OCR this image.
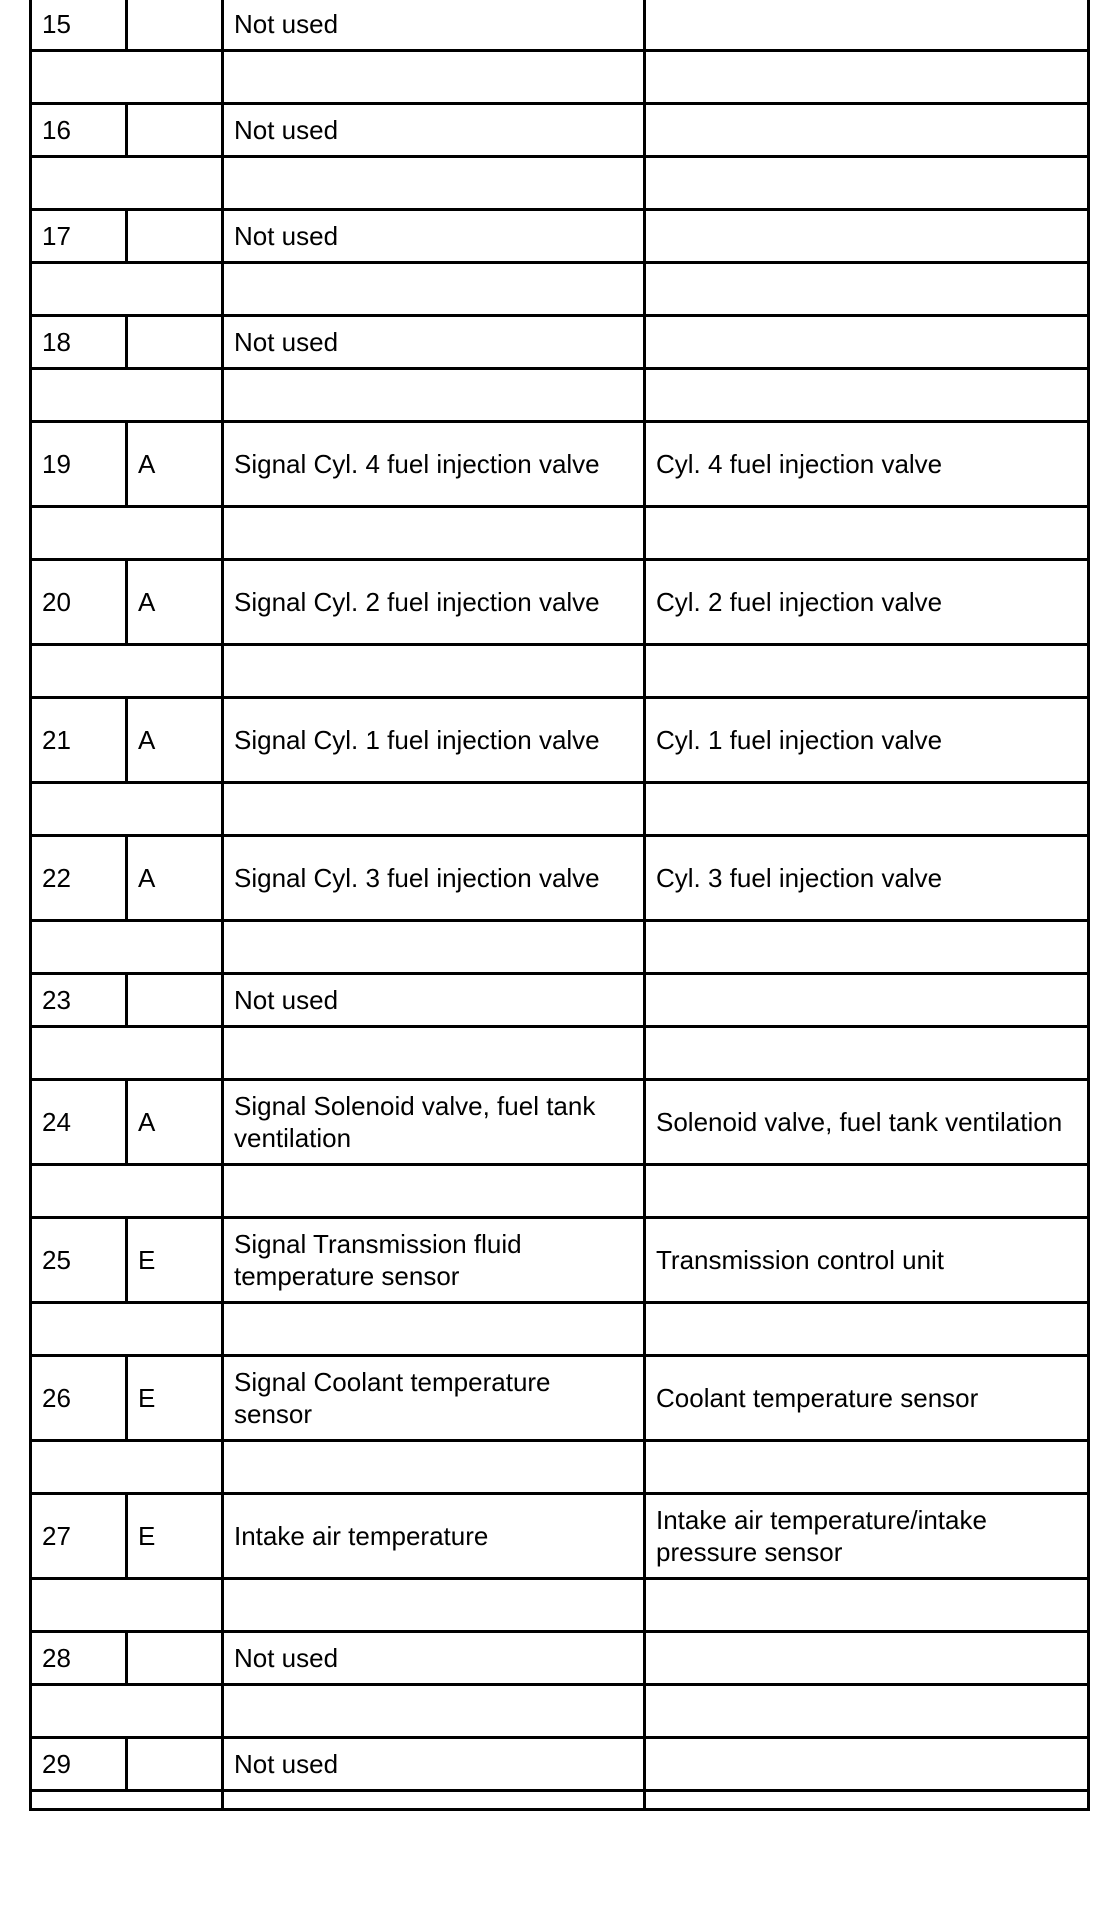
15		Not used	

16		Not used	

17		Not used	

18		Not used	

19	A	Signal Cyl. 4 fuel injection valve	Cyl. 4 fuel injection valve

20	A	Signal Cyl. 2 fuel injection valve	Cyl. 2 fuel injection valve

21	A	Signal Cyl. 1 fuel injection valve	Cyl. 1 fuel injection valve

22	A	Signal Cyl. 3 fuel injection valve	Cyl. 3 fuel injection valve

23		Not used	

24	A	Signal Solenoid valve, fuel tank ventilation	Solenoid valve, fuel tank ventilation

25	E	Signal Transmission fluid temperature sensor	Transmission control unit

26	E	Signal Coolant temperature sensor	Coolant temperature sensor

27	E	Intake air temperature	Intake air temperature/intake pressure sensor

28		Not used	

29		Not used	
